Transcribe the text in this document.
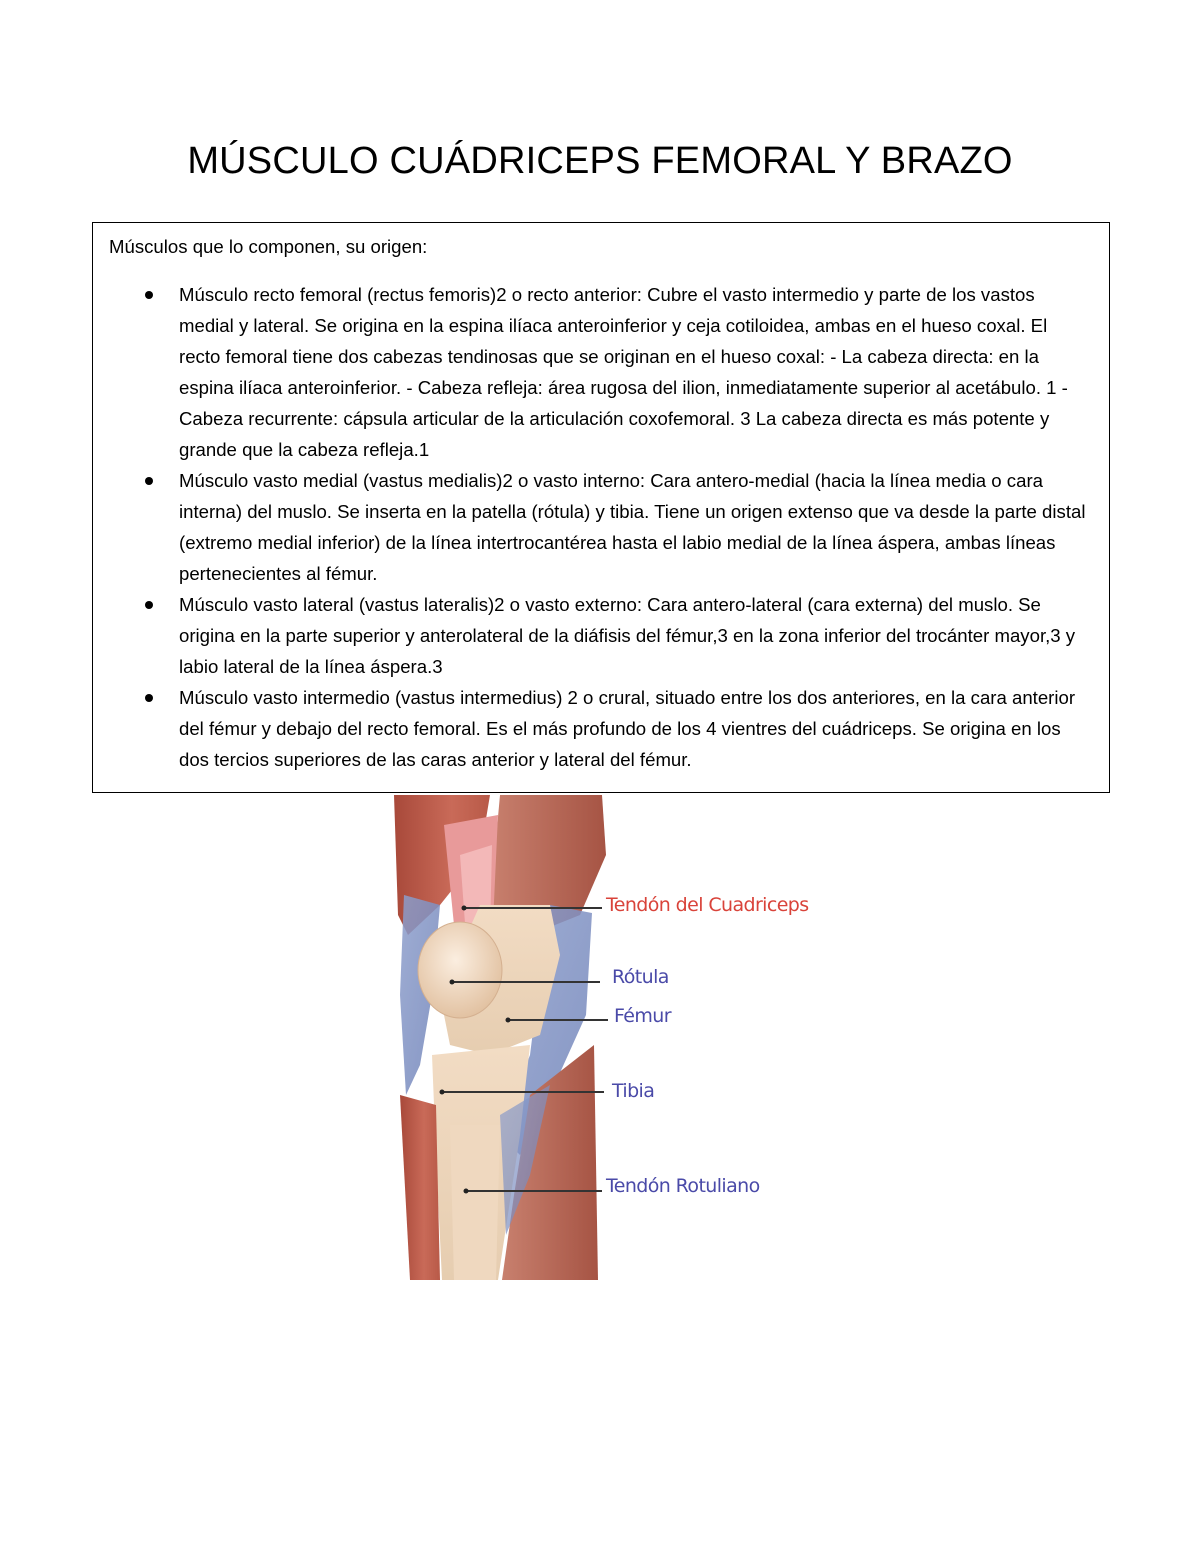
MÚSCULO CUÁDRICEPS FEMORAL Y BRAZO
Músculos que lo componen, su origen:
Músculo recto femoral (rectus femoris)2 o recto anterior: Cubre el vasto intermedio y parte de los vastos medial y lateral. Se origina en la espina ilíaca anteroinferior y ceja cotiloidea, ambas en el hueso coxal. El recto femoral tiene dos cabezas tendinosas que se originan en el hueso coxal: - La cabeza directa: en la espina ilíaca anteroinferior. - Cabeza refleja: área rugosa del ilion, inmediatamente superior al acetábulo. 1 - Cabeza recurrente: cápsula articular de la articulación coxofemoral. 3 La cabeza directa es más potente y grande que la cabeza refleja.1
Músculo vasto medial (vastus medialis)2 o vasto interno: Cara antero-medial (hacia la línea media o cara interna) del muslo. Se inserta en la patella (rótula) y tibia. Tiene un origen extenso que va desde la parte distal (extremo medial inferior) de la línea intertrocantérea hasta el labio medial de la línea áspera, ambas líneas pertenecientes al fémur.
Músculo vasto lateral (vastus lateralis)2 o vasto externo: Cara antero-lateral (cara externa) del muslo. Se origina en la parte superior y anterolateral de la diáfisis del fémur,3 en la zona inferior del trocánter mayor,3 y labio lateral de la línea áspera.3
Músculo vasto intermedio (vastus intermedius) 2 o crural, situado entre los dos anteriores, en la cara anterior del fémur y debajo del recto femoral. Es el más profundo de los 4 vientres del cuádriceps. Se origina en los dos tercios superiores de las caras anterior y lateral del fémur.
Tendón del Cuadriceps
Rótula
Fémur
Tibia
Tendón Rotuliano
